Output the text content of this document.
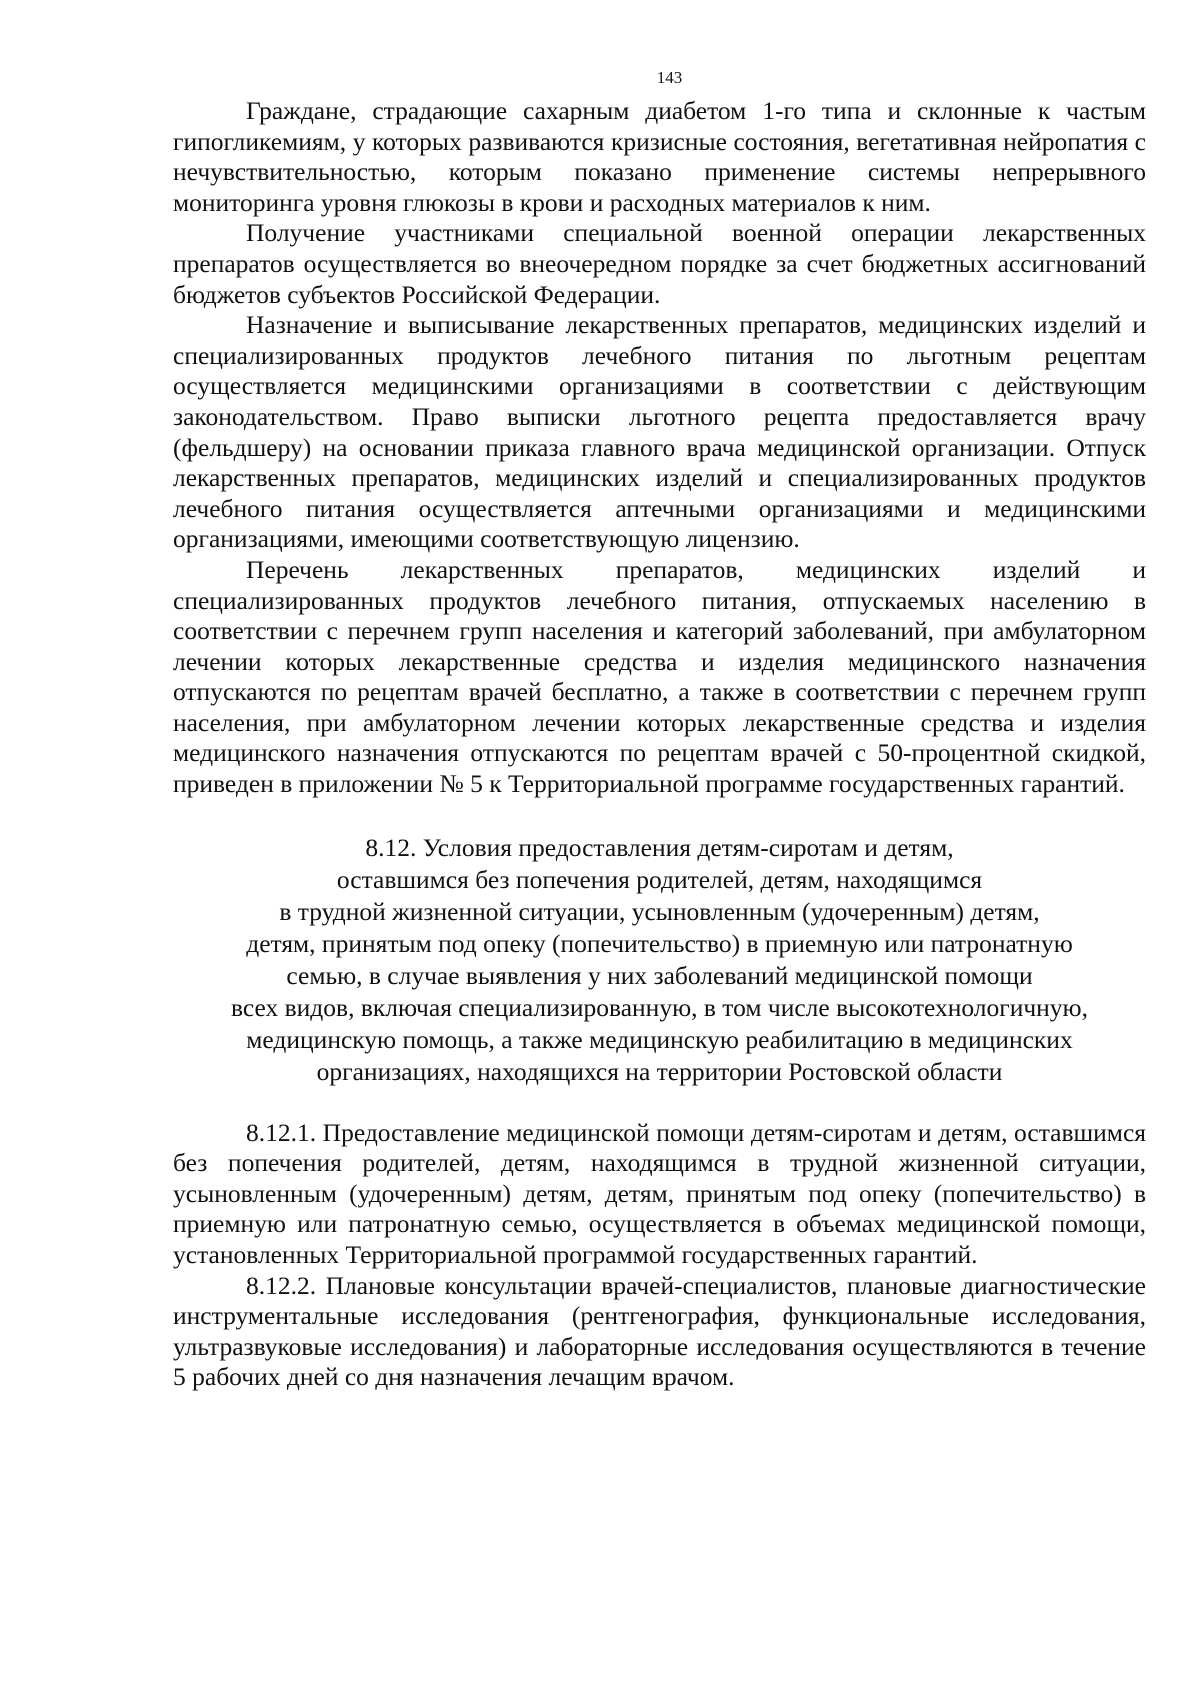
143

Граждане, страдающие сахарным диабетом 1-го типа и склонные к частым гипогликемиям, у которых развиваются кризисные состояния, вегетативная нейропатия с нечувствительностью, которым показано применение системы непрерывного мониторинга уровня глюкозы в крови и расходных материалов к ним.

Получение участниками специальной военной операции лекарственных препаратов осуществляется во внеочередном порядке за счет бюджетных ассигнований бюджетов субъектов Российской Федерации.

Назначение и выписывание лекарственных препаратов, медицинских изделий и специализированных продуктов лечебного питания по льготным рецептам осуществляется медицинскими организациями в соответствии с действующим законодательством. Право выписки льготного рецепта предоставляется врачу (фельдшеру) на основании приказа главного врача медицинской организации. Отпуск лекарственных препаратов, медицинских изделий и специализированных продуктов лечебного питания осуществляется аптечными организациями и медицинскими организациями, имеющими соответствующую лицензию.

Перечень лекарственных препаратов, медицинских изделий и специализированных продуктов лечебного питания, отпускаемых населению в соответствии с перечнем групп населения и категорий заболеваний, при амбулаторном лечении которых лекарственные средства и изделия медицинского назначения отпускаются по рецептам врачей бесплатно, а также в соответствии с перечнем групп населения, при амбулаторном лечении которых лекарственные средства и изделия медицинского назначения отпускаются по рецептам врачей с 50-процентной скидкой, приведен в приложении № 5 к Территориальной программе государственных гарантий.

8.12. Условия предоставления детям-сиротам и детям,

оставшимся без попечения родителей, детям, находящимся

в трудной жизненной ситуации, усыновленным (удочеренным) детям,

детям, принятым под опеку (попечительство) в приемную или патронатную

семью, в случае выявления у них заболеваний медицинской помощи

всех видов, включая специализированную, в том числе высокотехнологичную,

медицинскую помощь, а также медицинскую реабилитацию в медицинских

организациях, находящихся на территории Ростовской области

8.12.1. Предоставление медицинской помощи детям-сиротам и детям, оставшимся без попечения родителей, детям, находящимся в трудной жизненной ситуации, усыновленным (удочеренным) детям, детям, принятым под опеку (попечительство) в приемную или патронатную семью, осуществляется в объемах медицинской помощи, установленных Территориальной программой государственных гарантий.

8.12.2. Плановые консультации врачей-специалистов, плановые диагностические инструментальные исследования (рентгенография, функциональные исследования, ультразвуковые исследования) и лабораторные исследования осуществляются в течение 5 рабочих дней со дня назначения лечащим врачом.
